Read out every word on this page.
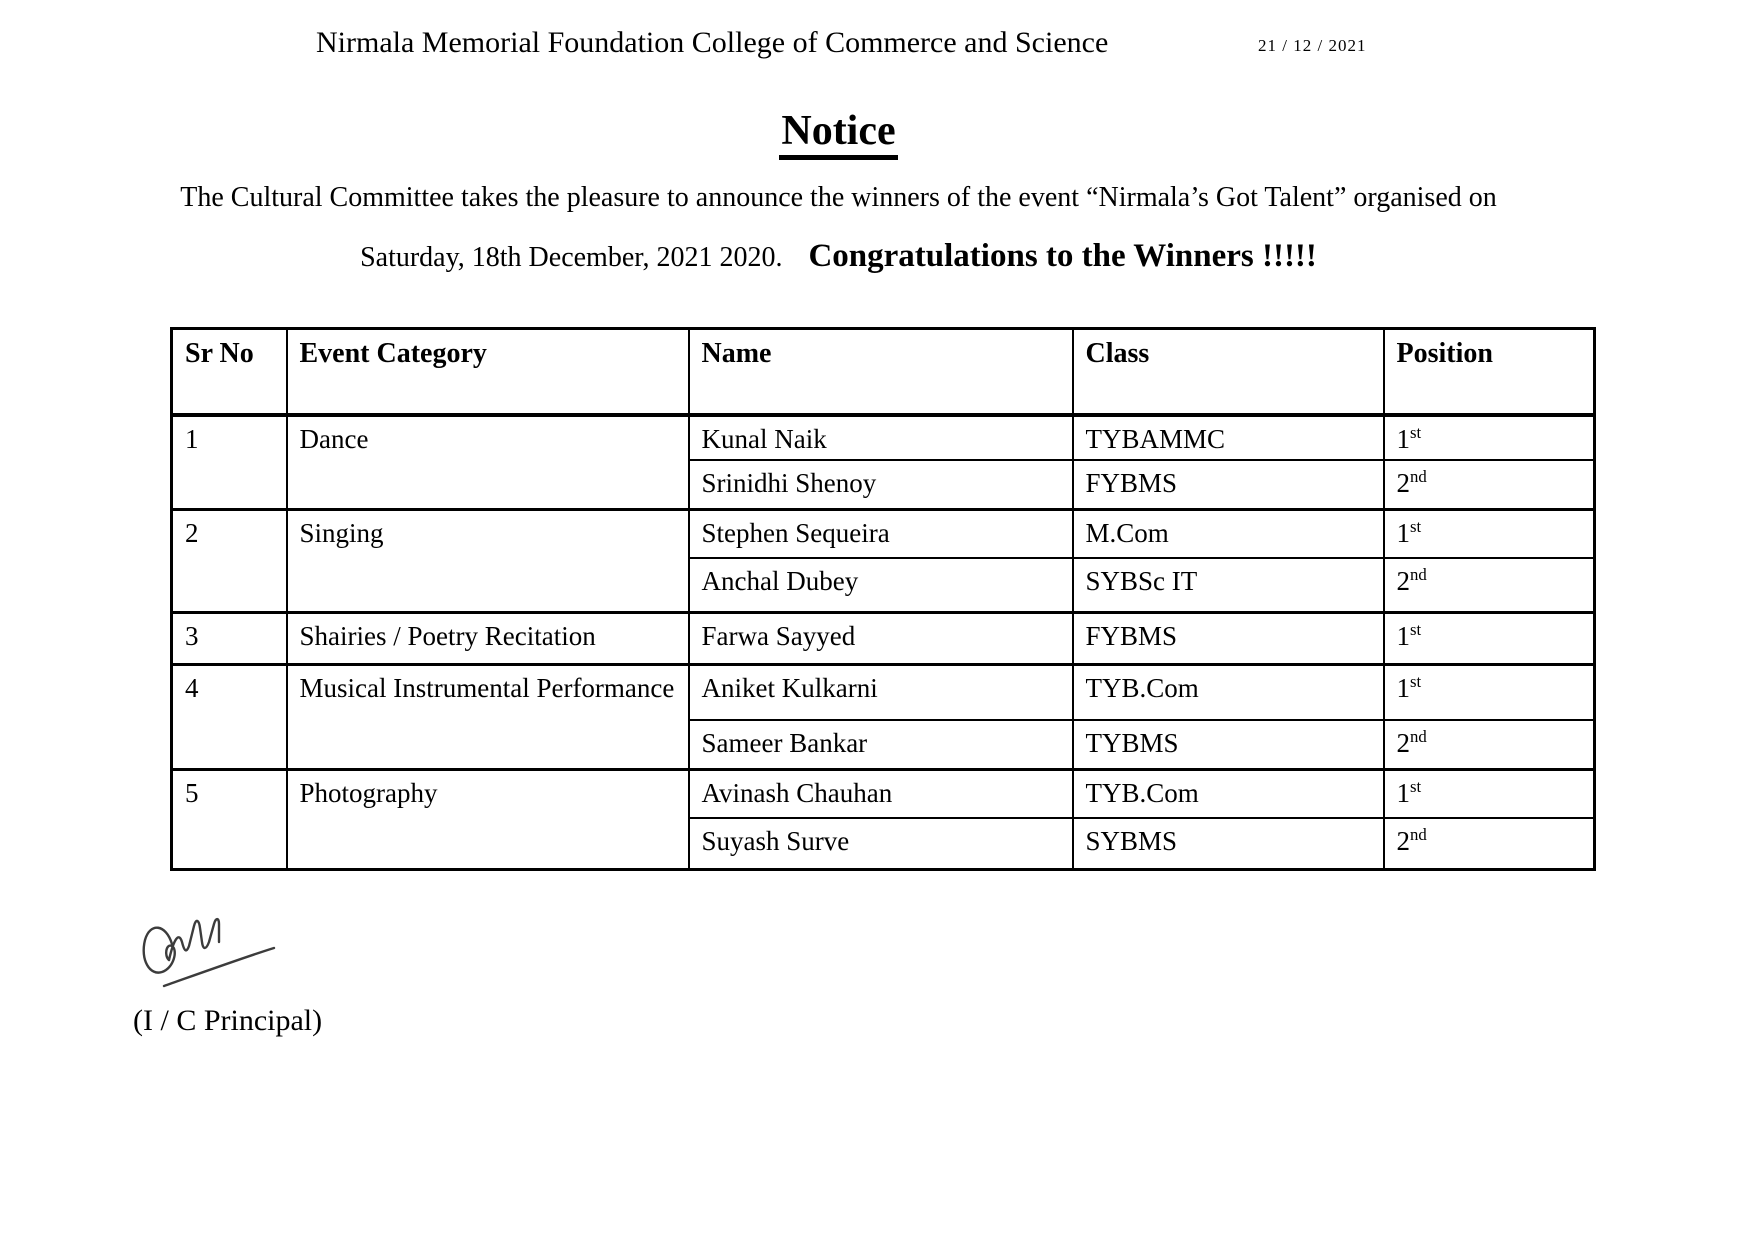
Nirmala Memorial Foundation College of Commerce and Science	21 / 12 / 2021
Notice
The Cultural Committee takes the pleasure to announce the winners of the event “Nirmala’s Got Talent” organised on
Saturday, 18th December, 2021 2020. Congratulations to the Winners !!!!!
Sr No	Event Category	Name	Class	Position
1	Dance	Kunal Naik	TYBAMMC	1st
		Srinidhi Shenoy	FYBMS	2nd
2	Singing	Stephen Sequeira	M.Com	1st
		Anchal Dubey	SYBSc IT	2nd
3	Shairies / Poetry Recitation	Farwa Sayyed	FYBMS	1st
4	Musical Instrumental Performance	Aniket Kulkarni	TYB.Com	1st
		Sameer Bankar	TYBMS	2nd
5	Photography	Avinash Chauhan	TYB.Com	1st
		Suyash Surve	SYBMS	2nd
(I / C Principal)
